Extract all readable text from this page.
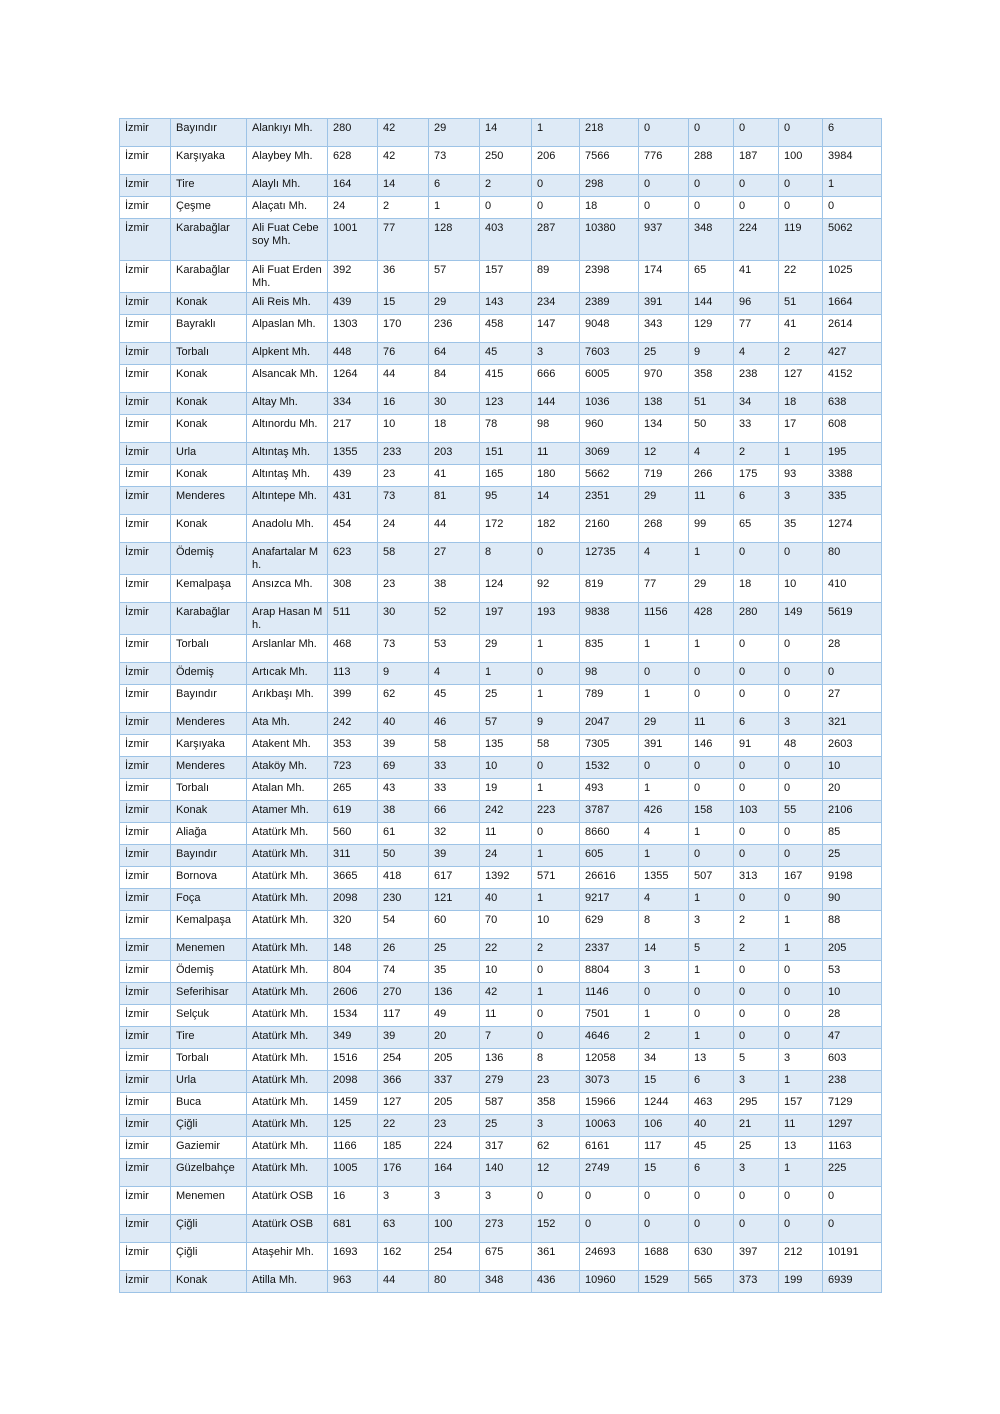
İzmir	Bayındır	Alankıyı Mh.	280	42	29	14	1	218	0	0	0	0	6
İzmir	Karşıyaka	Alaybey Mh.	628	42	73	250	206	7566	776	288	187	100	3984
İzmir	Tire	Alaylı Mh.	164	14	6	2	0	298	0	0	0	0	1
İzmir	Çeşme	Alaçatı Mh.	24	2	1	0	0	18	0	0	0	0	0
İzmir	Karabağlar	Ali Fuat Cebesoy Mh.	1001	77	128	403	287	10380	937	348	224	119	5062
İzmir	Karabağlar	Ali Fuat Erden Mh.	392	36	57	157	89	2398	174	65	41	22	1025
İzmir	Konak	Ali Reis Mh.	439	15	29	143	234	2389	391	144	96	51	1664
İzmir	Bayraklı	Alpaslan Mh.	1303	170	236	458	147	9048	343	129	77	41	2614
İzmir	Torbalı	Alpkent Mh.	448	76	64	45	3	7603	25	9	4	2	427
İzmir	Konak	Alsancak Mh.	1264	44	84	415	666	6005	970	358	238	127	4152
İzmir	Konak	Altay Mh.	334	16	30	123	144	1036	138	51	34	18	638
İzmir	Konak	Altınordu Mh.	217	10	18	78	98	960	134	50	33	17	608
İzmir	Urla	Altıntaş Mh.	1355	233	203	151	11	3069	12	4	2	1	195
İzmir	Konak	Altıntaş Mh.	439	23	41	165	180	5662	719	266	175	93	3388
İzmir	Menderes	Altıntepe Mh.	431	73	81	95	14	2351	29	11	6	3	335
İzmir	Konak	Anadolu Mh.	454	24	44	172	182	2160	268	99	65	35	1274
İzmir	Ödemiş	Anafartalar Mh.	623	58	27	8	0	12735	4	1	0	0	80
İzmir	Kemalpaşa	Ansızca Mh.	308	23	38	124	92	819	77	29	18	10	410
İzmir	Karabağlar	Arap Hasan Mh.	511	30	52	197	193	9838	1156	428	280	149	5619
İzmir	Torbalı	Arslanlar Mh.	468	73	53	29	1	835	1	1	0	0	28
İzmir	Ödemiş	Artıcak Mh.	113	9	4	1	0	98	0	0	0	0	0
İzmir	Bayındır	Arıkbaşı Mh.	399	62	45	25	1	789	1	0	0	0	27
İzmir	Menderes	Ata Mh.	242	40	46	57	9	2047	29	11	6	3	321
İzmir	Karşıyaka	Atakent Mh.	353	39	58	135	58	7305	391	146	91	48	2603
İzmir	Menderes	Ataköy Mh.	723	69	33	10	0	1532	0	0	0	0	10
İzmir	Torbalı	Atalan Mh.	265	43	33	19	1	493	1	0	0	0	20
İzmir	Konak	Atamer Mh.	619	38	66	242	223	3787	426	158	103	55	2106
İzmir	Aliağa	Atatürk Mh.	560	61	32	11	0	8660	4	1	0	0	85
İzmir	Bayındır	Atatürk Mh.	311	50	39	24	1	605	1	0	0	0	25
İzmir	Bornova	Atatürk Mh.	3665	418	617	1392	571	26616	1355	507	313	167	9198
İzmir	Foça	Atatürk Mh.	2098	230	121	40	1	9217	4	1	0	0	90
İzmir	Kemalpaşa	Atatürk Mh.	320	54	60	70	10	629	8	3	2	1	88
İzmir	Menemen	Atatürk Mh.	148	26	25	22	2	2337	14	5	2	1	205
İzmir	Ödemiş	Atatürk Mh.	804	74	35	10	0	8804	3	1	0	0	53
İzmir	Seferihisar	Atatürk Mh.	2606	270	136	42	1	1146	0	0	0	0	10
İzmir	Selçuk	Atatürk Mh.	1534	117	49	11	0	7501	1	0	0	0	28
İzmir	Tire	Atatürk Mh.	349	39	20	7	0	4646	2	1	0	0	47
İzmir	Torbalı	Atatürk Mh.	1516	254	205	136	8	12058	34	13	5	3	603
İzmir	Urla	Atatürk Mh.	2098	366	337	279	23	3073	15	6	3	1	238
İzmir	Buca	Atatürk Mh.	1459	127	205	587	358	15966	1244	463	295	157	7129
İzmir	Çiğli	Atatürk Mh.	125	22	23	25	3	10063	106	40	21	11	1297
İzmir	Gaziemir	Atatürk Mh.	1166	185	224	317	62	6161	117	45	25	13	1163
İzmir	Güzelbahçe	Atatürk Mh.	1005	176	164	140	12	2749	15	6	3	1	225
İzmir	Menemen	Atatürk OSB	16	3	3	3	0	0	0	0	0	0	0
İzmir	Çiğli	Atatürk OSB	681	63	100	273	152	0	0	0	0	0	0
İzmir	Çiğli	Ataşehir Mh.	1693	162	254	675	361	24693	1688	630	397	212	10191
İzmir	Konak	Atilla Mh.	963	44	80	348	436	10960	1529	565	373	199	6939
